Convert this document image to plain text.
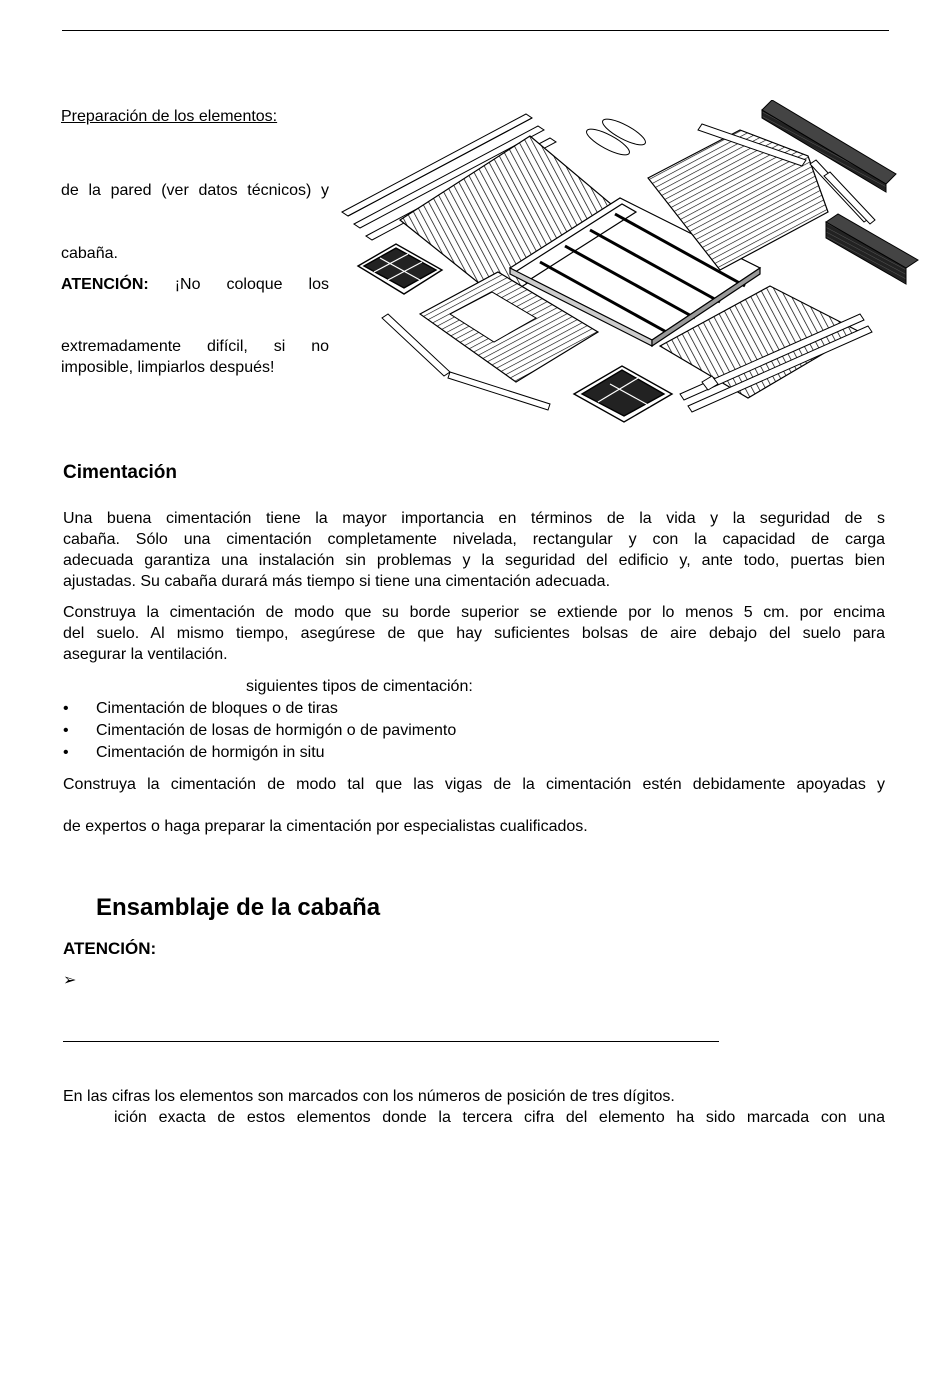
Preparación de los elementos:
de la pared (ver datos técnicos) y
cabaña.
ATENCIÓN: ¡No coloque los
extremadamente difícil, si no
imposible, limpiarlos después!
Cimentación
Una buena cimentación tiene la mayor importancia en términos de la vida y la seguridad de s
cabaña. Sólo una cimentación completamente nivelada, rectangular y con la capacidad de carga
adecuada garantiza una instalación sin problemas y la seguridad del edificio y, ante todo, puertas bien
ajustadas. Su cabaña durará más tiempo si tiene una cimentación adecuada.
Construya la cimentación de modo que su borde superior se extiende por lo menos 5 cm. por encima
del suelo. Al mismo tiempo, asegúrese de que hay suficientes bolsas de aire debajo del suelo para
asegurar la ventilación.
siguientes tipos de cimentación:
• Cimentación de bloques o de tiras
• Cimentación de losas de hormigón o de pavimento
• Cimentación de hormigón in situ
Construya la cimentación de modo tal que las vigas de la cimentación estén debidamente apoyadas y
de expertos o haga preparar la cimentación por especialistas cualificados.
Ensamblaje de la cabaña
ATENCIÓN:
➢
En las cifras los elementos son marcados con los números de posición de tres dígitos.
ición exacta de estos elementos donde la tercera cifra del elemento ha sido marcada con una
